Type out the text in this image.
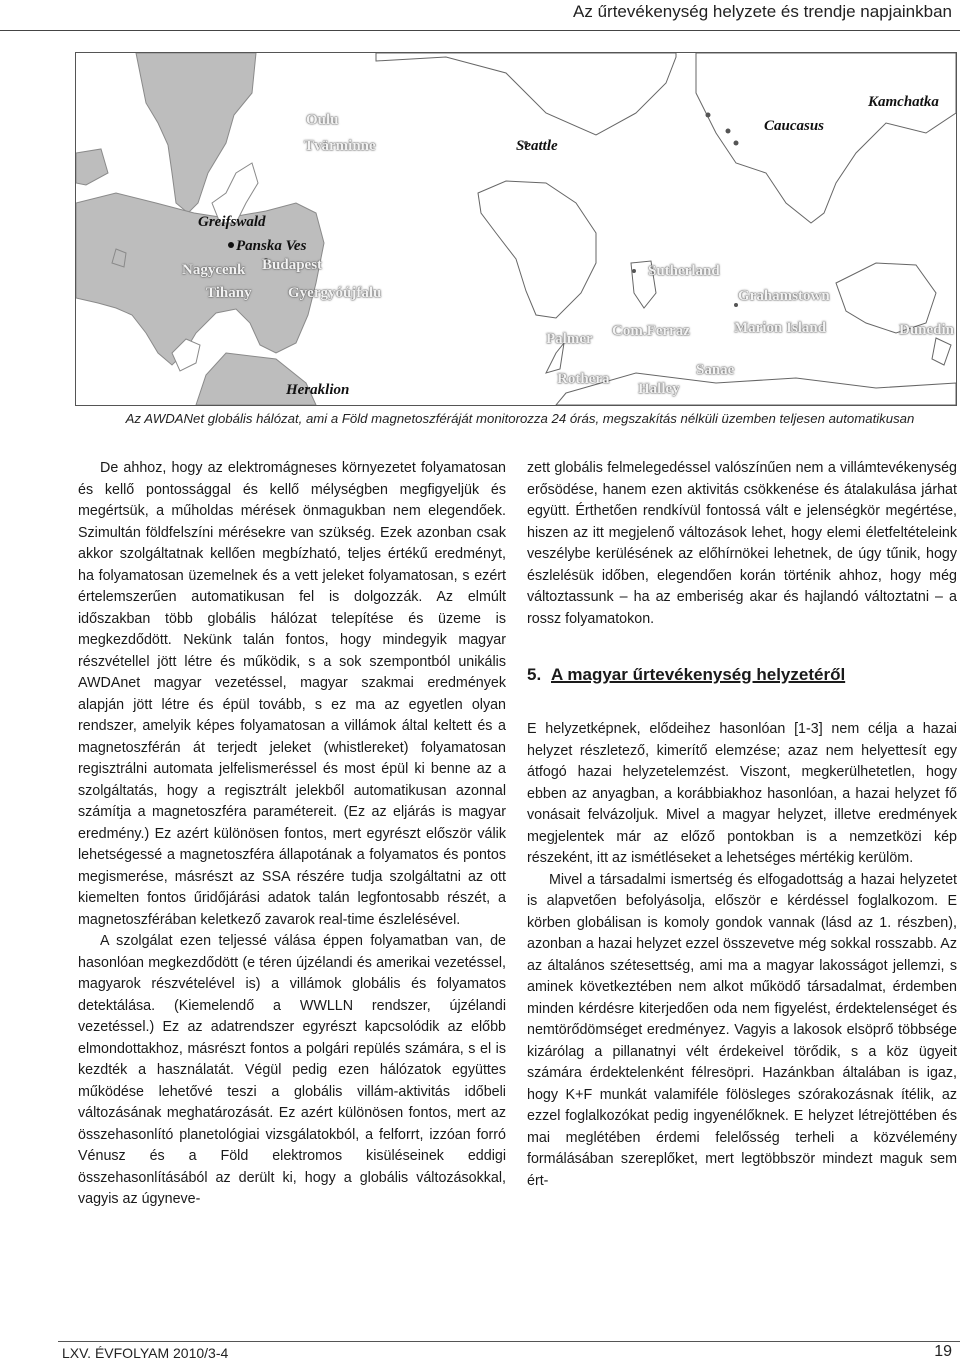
Az űrtevékenység helyzete és trendje napjainkban
Oulu
Tvärminne
Greifswald
Panska Ves
Budapest
Nagycenk
Tihany Gyergyóújfalu
Heraklion
Kamchatka
Caucasus
Seattle
Sutherland
Grahamstown
Marion Island	Dunedin
Palmer Com.Ferraz
Rothera
Halley
Sanae
Az AWDANet globális hálózat, ami a Föld magnetoszféráját monitorozza 24 órás, megszakítás nélküli üzemben teljesen automatikusan

De ahhoz, hogy az elektromágneses környezetet folyamatosan és kellő pontossággal és kellő mélységben megfigyeljük és megértsük, a műholdas mérések önmagukban nem elegendőek. Szimultán földfelszíni mérésekre van szükség. Ezek azonban csak akkor szolgáltatnak kellően megbízható, teljes értékű eredményt, ha folyamatosan üzemelnek és a vett jeleket folyamatosan, s ezért értelemszerűen automatikusan fel is dolgozzák. Az elmúlt időszakban több globális hálózat telepítése és üzeme is megkezdődött. Nekünk talán fontos, hogy mindegyik magyar részvétellel jött létre és működik, s a sok szempontból unikális AWDAnet magyar vezetéssel, magyar szakmai eredmények alapján jött létre és épül tovább, s ez ma az egyetlen olyan rendszer, amelyik képes folyamatosan a villámok által keltett és a magnetoszférán át terjedt jeleket (whistlereket) folyamatosan regisztrálni automata jelfelismeréssel és most épül ki benne az a szolgáltatás, hogy a regisztrált jelekből automatikusan azonnal számítja a magnetoszféra paramétereit. (Ez az eljárás is magyar eredmény.) Ez azért különösen fontos, mert egyrészt először válik lehetségessé a magnetoszféra állapotának a folyamatos és pontos megismerése, másrészt az SSA részére tudja szolgáltatni az ott kiemelten fontos űridőjárási adatok talán legfontosabb részét, a magnetoszférában keletkező zavarok real-time észlelésével.

A szolgálat ezen teljessé válása éppen folyamatban van, de hasonlóan megkezdődött (e téren újzélandi és amerikai vezetéssel, magyarok részvételével is) a villámok globális és folyamatos detektálása. (Kiemelendő a WWLLN rendszer, újzélandi vezetéssel.) Ez az adatrendszer egyrészt kapcsolódik az előbb elmondottakhoz, másrészt fontos a polgári repülés számára, s el is kezdték a használatát. Végül pedig ezen hálózatok együttes működése lehetővé teszi a globális villám-aktivitás időbeli változásának meghatározását. Ez azért különösen fontos, mert az összehasonlító planetológiai vizsgálatokból, a felforrt, izzóan forró Vénusz és a Föld elektromos kisüléseinek eddigi összehasonlításából az derült ki, hogy a globális változásokkal, vagyis az úgyneve-

zett globális felmelegedéssel valószínűen nem a villámtevékenység erősödése, hanem ezen aktivitás csökkenése és átalakulása járhat együtt. Érthetően rendkívül fontossá vált e jelenségkör megértése, hiszen az itt megjelenő változások lehet, hogy elemi életfeltételeink veszélybe kerülésének az előhírnökei lehetnek, de úgy tűnik, hogy észlelésük időben, elegendően korán történik ahhoz, hogy még változtassunk – ha az emberiség akar és hajlandó változtatni – a rossz folyamatokon.

5. A magyar űrtevékenység helyzetéről

E helyzetképnek, elődeihez hasonlóan [1-3] nem célja a hazai helyzet részletező, kimerítő elemzése; azaz nem helyettesít egy átfogó hazai helyzetelemzést. Viszont, megkerülhetetlen, hogy ebben az anyagban, a korábbiakhoz hasonlóan, a hazai helyzet fő vonásait felvázoljuk. Mivel a magyar helyzet, illetve eredmények megjelentek már az előző pontokban is a nemzetközi kép részeként, itt az ismétléseket a lehetséges mértékig kerülöm.

Mivel a társadalmi ismertség és elfogadottság a hazai helyzetet is alapvetően befolyásolja, először e kérdéssel foglalkozom. E körben globálisan is komoly gondok vannak (lásd az 1. részben), azonban a hazai helyzet ezzel összevetve még sokkal rosszabb. Az az általános szétesettség, ami ma a magyar lakosságot jellemzi, s aminek következtében nem alkot működő társadalmat, érdemben minden kérdésre kiterjedően oda nem figyelést, érdektelenséget és nemtörődömséget eredményez. Vagyis a lakosok elsöprő többsége kizárólag a pillanatnyi vélt érdekeivel törődik, s a köz ügyeit számára érdektelenként félresöpri. Hazánkban általában is igaz, hogy K+F munkát valamiféle fölösleges szórakozásnak ítélik, az ezzel foglalkozókat pedig ingyenélőknek. E helyzet létrejöttében és mai meglétében érdemi felelősség terheli a közvélemény formálásában szereplőket, mert legtöbbször mindezt maguk sem ért-

LXV. ÉVFOLYAM 2010/3-4	19
